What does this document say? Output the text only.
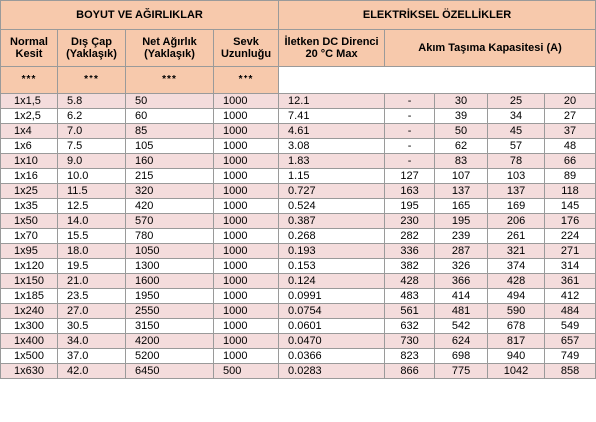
BOYUT VE AĞIRLIKLAR				ELEKTRİKSEL ÖZELLİKLER					
Normal Kesit	Dış Çap (Yaklaşık)	Net Ağırlık (Yaklaşık)	Sevk Uzunluğu	İletken DC Direnci 20 °C Max	Akım Taşıma Kapasitesi (A)				

***	*ᐩ*	***	*ᐩ*						
1x1,5	5.8	50	1000	12.1	-	30	25	20	
1x2,5	6.2	60	1000	7.41	-	39	34	27	
1x4	7.0	85	1000	4.61	-	50	45	37	
1x6	7.5	105	1000	3.08	-	62	57	48	
1x10	9.0	160	1000	1.83	-	83	78	66	
1x16	10.0	215	1000	1.15	127	107	103	89	
1x25	11.5	320	1000	0.727	163	137	137	118	
1x35	12.5	420	1000	0.524	195	165	169	145	
1x50	14.0	570	1000	0.387	230	195	206	176	
1x70	15.5	780	1000	0.268	282	239	261	224	
1x95	18.0	1050	1000	0.193	336	287	321	271	
1x120	19.5	1300	1000	0.153	382	326	374	314	
1x150	21.0	1600	1000	0.124	428	366	428	361	
1x185	23.5	1950	1000	0.0991	483	414	494	412	
1x240	27.0	2550	1000	0.0754	561	481	590	484	
1x300	30.5	3150	1000	0.0601	632	542	678	549	
1x400	34.0	4200	1000	0.0470	730	624	817	657	
1x500	37.0	5200	1000	0.0366	823	698	940	749	
1x630	42.0	6450	500	0.0283	866	775	1042	858	
